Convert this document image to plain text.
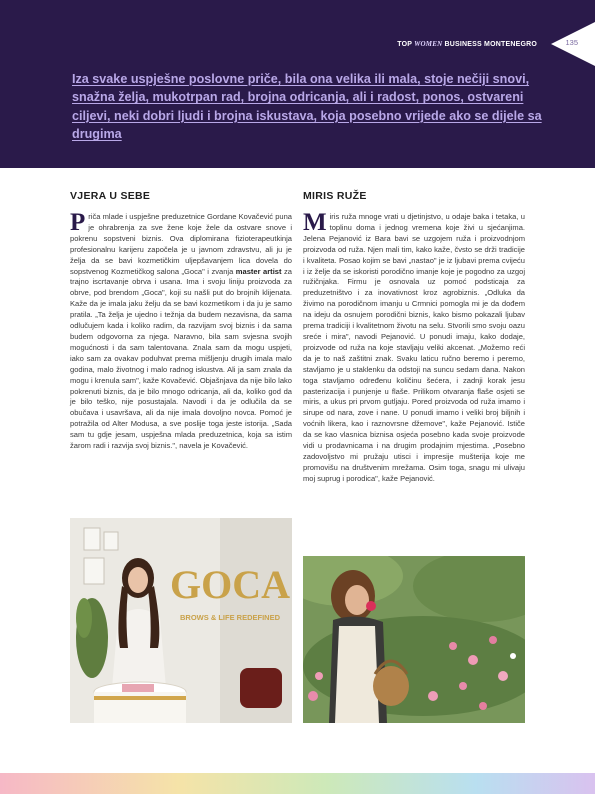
TOP WOMEN BUSINESS MONTENEGRO	135
Iza svake uspješne poslovne priče, bila ona velika ili mala, stoje nečiji snovi, snažna želja, mukotrpan rad, brojna odricanja, ali i radost, ponos, ostvareni ciljevi, neki dobri ljudi i brojna iskustava, koja posebno vrijede ako se dijele sa drugima
VJERA U SEBE

Priča mlade i uspješne preduzetnice Gordane Kovačević puna je ohrabrenja za sve žene koje žele da ostvare snove i pokrenu sopstveni biznis. Ova diplomirana fizioterapeutkinja profesionalnu karijeru započela je u javnom zdravstvu, ali ju je želja da se bavi kozmetičkim uljepšavanjem lica dovela do sopstvenog Kozmetičkog salona „Goca" i zvanja master artist za trajno iscrtavanje obrva i usana. Ima i svoju liniju proizvoda za obrve, pod brendom „Goca", koji su našli put do brojnih klijenata. Kaže da je imala jaku želju da se bavi kozmetikom i da ju je samo pratila. „Ta želja je ujedno i težnja da budem nezavisna, da sama odlučujem kada i koliko radim, da razvijam svoj biznis i da sama budem odgovorna za njega. Naravno, bila sam svjesna svojih mogućnosti i da sam talentovana. Znala sam da mogu uspjeti, iako sam za ovakav poduhvat prema mišljenju drugih imala malo godina, malo životnog i malo radnog iskustva. Ali ja sam znala da mogu i krenula sam", kaže Kovačević. Objašnjava da nije bilo lako pokrenuti biznis, da je bilo mnogo odricanja, ali da, koliko god da je bilo teško, nije posustajala. Navodi i da je odlučila da se obučava i usavršava, ali da nije imala dovoljno novca. Pomoć je potražila od Alter Modusa, a sve poslije toga jeste istorija. „Sada sam tu gdje jesam, uspješna mlada preduzetnica, koja sa istim žarom radi i razvija svoj biznis.", navela je Kovačević.

MIRIS RUŽE

Miris ruža mnoge vrati u djetinjstvo, u odaje baka i tetaka, u toplinu doma i jednog vremena koje živi u sjećanjima. Jelena Pejanović iz Bara bavi se uzgojem ruža i proizvodnjom proizvoda od ruža. Njen mali tim, kako kaže, čvsto se drži tradicije i kvaliteta. Posao kojim se bavi „nastao" je iz ljubavi prema cvijeću i iz želje da se iskoristi porodično imanje koje je pogodno za uzgoj ružičnjaka. Firmu je osnovala uz pomoć podsticaja za preduzetništvo i za inovativnost kroz agrobiznis. „Odluka da živimo na porodičnom imanju u Crmnici pomogla mi je da dođem na ideju da osnujem porodični biznis, kako bismo pokazali ljubav prema tradiciji i kvalitetnom životu na selu. Stvorili smo svoju oazu sreće i mira", navodi Pejanović. U ponudi imaju, kako dodaje, proizvode od ruža na koje stavljaju veliki akcenat. „Možemo reći da je to naš zaštitni znak. Svaku laticu ručno beremo i peremo, stavljamo je u staklenku da odstoji na suncu sedam dana. Nakon toga stavljamo određenu količinu šećera, i zadnji korak jesu pasterizacija i punjenje u flaše. Prilikom otvaranja flaše osjeti se miris, a ukus pri prvom gutljaju. Pored proizvoda od ruža imamo i sirupe od nara, zove i nane. U ponudi imamo i veliki broj biljnih i voćnih likera, kao i raznovrsne džemove", kaže Pejanović. Ističe da se kao vlasnica biznisa osjeća posebno kada svoje proizvode vidi u prodavnicama i na drugim prodajnim mjestima. „Posebno zadovoljstvo mi pružaju utisci i impresije mušterija koje me promovišu na društvenim mrežama. Osim toga, snagu mi ulivaju moj suprug i porodica", kaže Pejanović.

GOCA
BROWS & LIFE REDEFINED
